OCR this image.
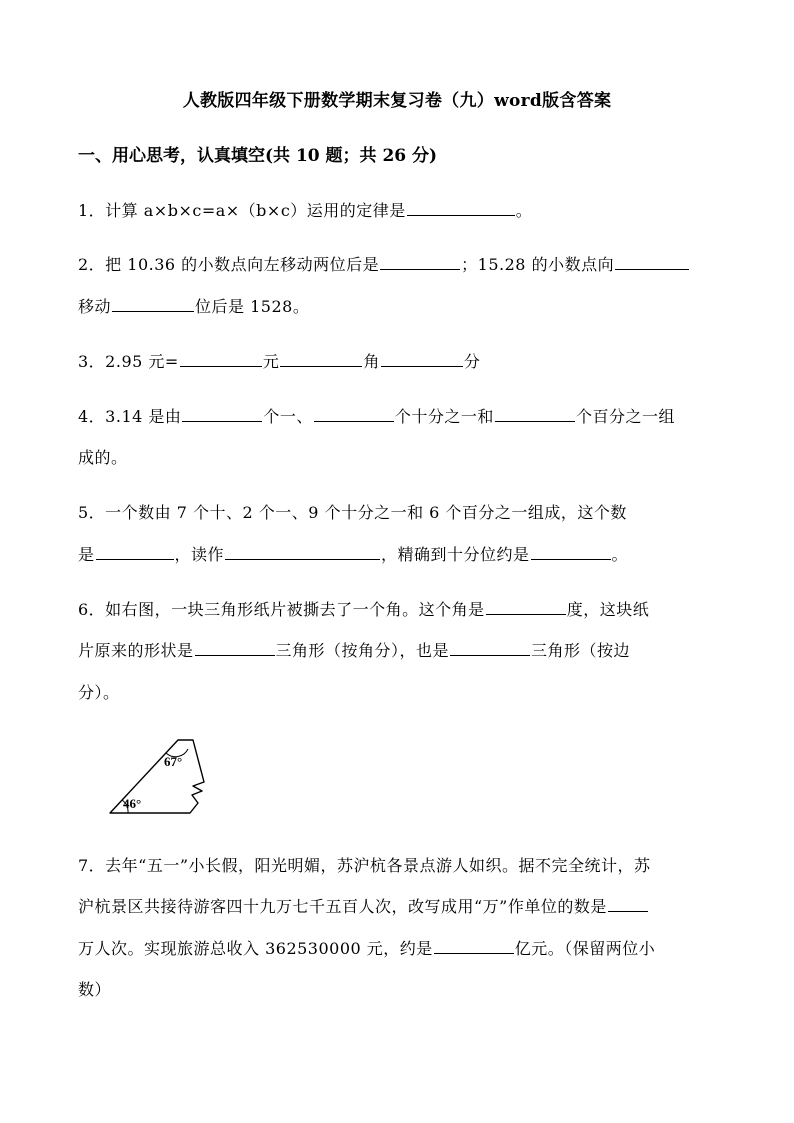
人教版四年级下册数学期末复习卷（九）word版含答案
一、用心思考，认真填空(共 10 题；共 26 分)
1．计算 a×b×c=a×（b×c）运用的定律是	。
2．把 10.36 的小数点向左移动两位后是	；15.28 的小数点向
移动	位后是 1528。
3．2.95 元=	元	角	分
4．3.14 是由	个一、	个十分之一和	个百分之一组
成的。
5．一个数由 7 个十、2 个一、9 个十分之一和 6 个百分之一组成，这个数
是	，读作	，精确到十分位约是	。
6．如右图，一块三角形纸片被撕去了一个角。这个角是	度，这块纸
片原来的形状是	三角形（按角分），也是	三角形（按边
分）。
67°
46°
7．去年“五一”小长假，阳光明媚，苏沪杭各景点游人如织。据不完全统计，苏
沪杭景区共接待游客四十九万七千五百人次，改写成用“万”作单位的数是
万人次。实现旅游总收入 362530000 元，约是	亿元。（保留两位小
数）
